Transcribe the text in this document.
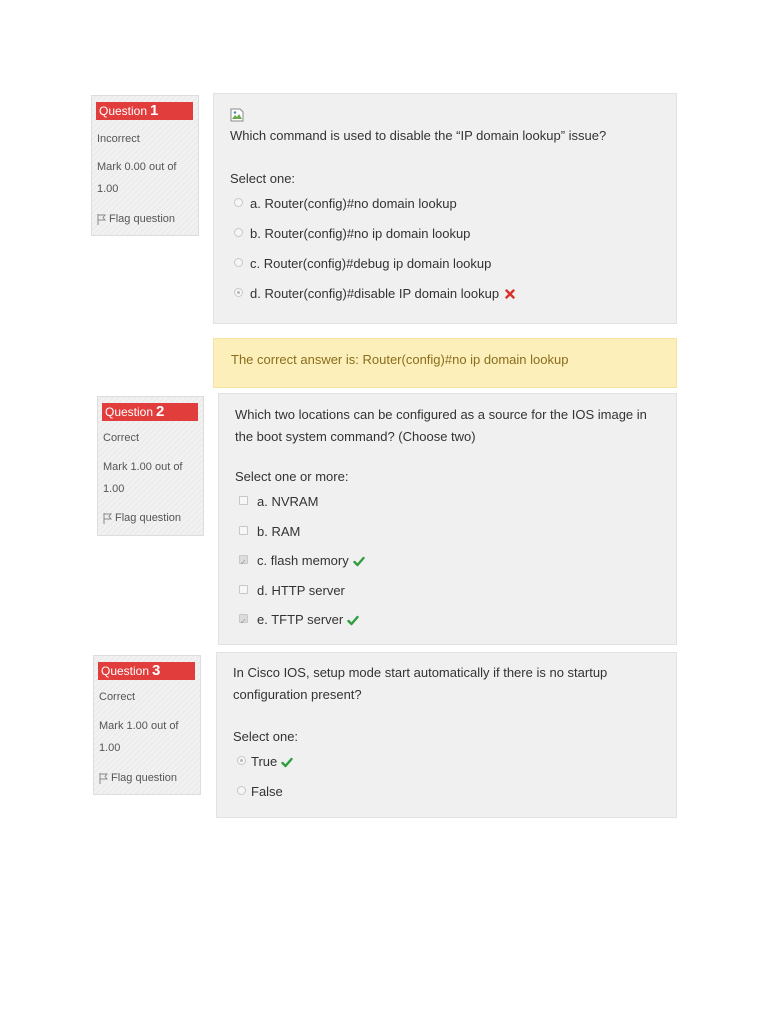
Question 1
Incorrect
Mark 0.00 out of 1.00
Flag question
Which command is used to disable the “IP domain lookup” issue?
Select one:
a. Router(config)#no domain lookup
b. Router(config)#no ip domain lookup
c. Router(config)#debug ip domain lookup
d. Router(config)#disable IP domain lookup
The correct answer is: Router(config)#no ip domain lookup
Question 2
Correct
Mark 1.00 out of 1.00
Flag question
Which two locations can be configured as a source for the IOS image in the boot system command? (Choose two)
Select one or more:
a. NVRAM
b. RAM
✓c. flash memory
d. HTTP server
✓e. TFTP server
Question 3
Correct
Mark 1.00 out of 1.00
Flag question
In Cisco IOS, setup mode start automatically if there is no startup configuration present?
Select one:
True
False
